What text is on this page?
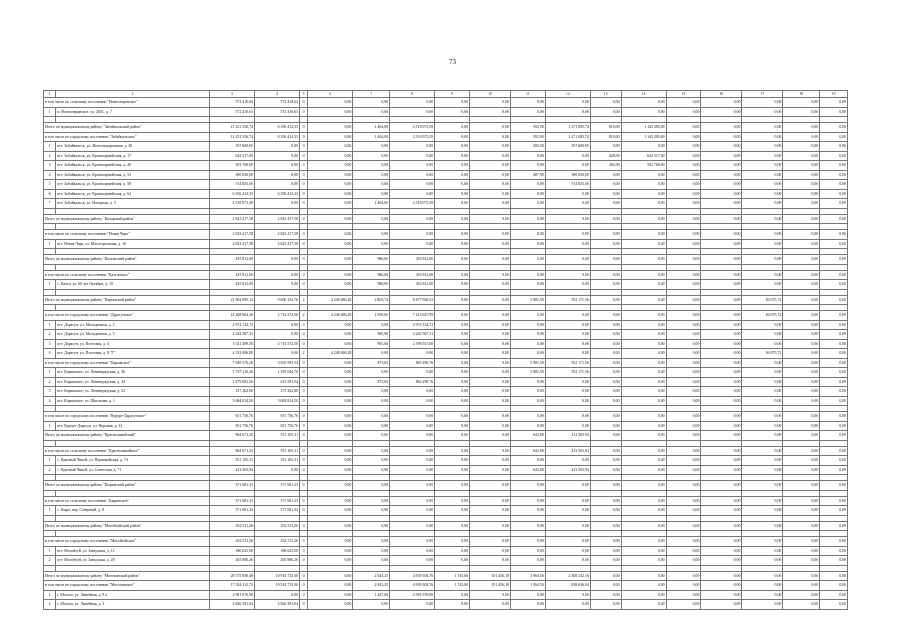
73
1	2	3	4	5	6	7	8	9	10	11	12	13	14	15	16	17	18	19
в том числе по сельскому поселению "Новоолерянское"		572 410,63	572 410,63	0	0,00	0,00	0,00	0,00	0,00	0,00	0,00	0,00	0,00	0,00	0,00	0,00	0,00	0,00
1	п. Новоолерянское, ул. ДОС, д. 7	572 410,63	572 410,63	0	0,00	0,00	0,00	0,00	0,00	0,00	0,00	0,00	0,00	0,00	0,00	0,00	0,00	0,00

Итого по муниципальному району "Забайкальский район"		11 251 356,74	6 356 414,33	9	0,00	1 464,00	2 518 973,58	0,00	0,00	592,90	1 271 085,74	810,00	1 145 285,00	0,00	0,00	0,00	0,00	0,00
в том числе по городскому поселению "Забайкальское"		11 251 356,74	6 356 414,33	9	0,00	1 464,00	2 518 973,58	0,00	0,00	592,90	1 271 085,74	810,00	1 145 285,00	0,00	0,00	0,00	0,00	0,00
1	пгт. Забайкальск, ул. Железнодорожная, д. 40	357 600,65	0,00	0	0,00	0,00	0,00	0,00	0,00	305,00	357 600,65	0,00	0,00	0,00	0,00	0,00	0,00	0,00
2	пгт. Забайкальск, ул. Красноармейская, д. 17	642 517,00	0,00	0	0,00	0,00	0,00	0,00	0,00	0,00	0,00	428,00	642 517,00	0,00	0,00	0,00	0,00	0,00
3	пгт. Забайкальск, ул. Красноармейская, д. 49	502 768,00	0,00	0	0,00	0,00	0,00	0,00	0,00	0,00	0,00	382,00	502 768,00	0,00	0,00	0,00	0,00	0,00
4	пгт. Забайкальск, ул. Красноармейская, д. 53	398 830,09	0,00	0	0,00	0,00	0,00	0,00	0,00	287,90	398 830,09	0,00	0,00	0,00	0,00	0,00	0,00	0,00
5	пгт. Забайкальск, ул. Красноармейская, д. 58	514 655,00	0,00	0	0,00	0,00	0,00	0,00	0,00	0,00	514 655,00	0,00	0,00	0,00	0,00	0,00	0,00	0,00
6	пгт. Забайкальск, ул. Красноармейская, д. 62	6 356 414,33	6 356 414,33	9	0,00	0,00	0,00	0,00	0,00	0,00	0,00	0,00	0,00	0,00	0,00	0,00	0,00	0,00
7	пгт. Забайкальск, ул. Нагорная, д. 5	2 518 973,58	0,00	0	0,00	1 464,00	2 518 973,58	0,00	0,00	0,00	0,00	0,00	0,00	0,00	0,00	0,00	0,00	0,00

Итого по муниципальному району "Каларский район"		2 823 417,58	2 823 417,58	0	0,00	0,00	0,00	0,00	0,00	0,00	0,00	0,00	0,00	0,00	0,00	0,00	0,00	0,00

в том числе по сельскому поселению "Новая Чара"		2 823 417,58	2 823 417,58	0	0,00	0,00	0,00	0,00	0,00	0,00	0,00	0,00	0,00	0,00	0,00	0,00	0,00	0,00
1	пгт. Новая Чара, ул. Магистральная, д. 16	2 823 417,58	2 823 417,58	0	0,00	0,00	0,00	0,00	0,00	0,00	0,00	0,00	0,00	0,00	0,00	0,00	0,00	0,00

Итого по муниципальному району "Калганский район"		435 812,00	0,00	0	0,00	986,00	435 812,00	0,00	0,00	0,00	0,00	0,00	0,00	0,00	0,00	0,00	0,00	0,00

в том числе по сельскому поселению "Калганское"		435 812,00	0,00	0	0,00	986,00	435 812,00	0,00	0,00	0,00	0,00	0,00	0,00	0,00	0,00	0,00	0,00	0,00
1	с. Калга, ул. 60 лет Октября, д. 10	435 812,00	0,00	0	0,00	986,00	435 812,00	0,00	0,00	0,00	0,00	0,00	0,00	0,00	0,00	0,00	0,00	0,00

Итого по муниципальному району "Карымский район"		21 962 995,12	9 600 132,76	2	4 248 686,28	2 803,74	8 677 928,52	0,00	0,00	5 981,50	552 171,56	0,00	0,00	0,00	0,00	84 075,72	0,00	0,00

в том числе по городскому поселению "Дарасунское"		14 268 864,36	2 714 572,50	2	4 248 686,28	1 930,00	7 213 627,99	0,00	0,00	0,00	0,00	0,00	0,00	0,00	0,00	84 075,72	0,00	0,00
1	пгт. Дарасун, ул. Молодежная, д. 2	2 974 134,72	0,00	0	0,00	0,00	2 974 134,72	0,00	0,00	0,00	0,00	0,00	0,00	0,00	0,00	0,00	0,00	0,00
2	пгт. Дарасун, ул. Молодежная, д. 5	2 242 567,31	0,00	0	0,00	965,00	2 242 567,31	0,00	0,00	0,00	0,00	0,00	0,00	0,00	0,00	0,00	0,00	0,00
3	пгт. Дарасун, ул. Почтовая, д. 4	5 311 499,50	2 714 572,50	0	0,00	965,00	2 596 927,00	0,00	0,00	0,00	0,00	0,00	0,00	0,00	0,00	0,00	0,00	0,00
4	пгт. Дарасун, ул. Почтовая, д. 8 "Г"	4 332 686,00	0,00	2	4 248 686,28	0,00	0,00	0,00	0,00	0,00	0,00	0,00	0,00	0,00	0,00	84 075,72	0,00	0,00
в том числе по городскому поселению "Карымское"		7 049 376,26	3 635 993,54	0	0,00	873,65	863 490,76	0,00	0,00	5 981,50	552 171,56	0,00	0,00	0,00	0,00	0,00	0,00	0,00
1	пгт. Карымское, ул. Ленинградская, д. 36	1 737 216,26	1 185 044,70	0	0,00	0,00	0,00	0,00	0,00	5 981,50	552 171,56	0,00	0,00	0,00	0,00	0,00	0,00	0,00
2	пгт. Карымское, ул. Ленинградская, д. 44	1 479 082,56	615 591,54	0	0,00	873,65	863 490,76	0,00	0,00	0,00	0,00	0,00	0,00	0,00	0,00	0,00	0,00	0,00
3	пгт. Карымское, ул. Ленинградская, д. 52	157 262,80	157 262,80	0	0,00	0,00	0,00	0,00	0,00	0,00	0,00	0,00	0,00	0,00	0,00	0,00	0,00	0,00
4	пгт. Карымское, ул. Школьная, д. 1	3 684 814,50	3 684 814,50	0	0,00	0,00	0,00	0,00	0,00	0,00	0,00	0,00	0,00	0,00	0,00	0,00	0,00	0,00

в том числе по городскому поселению "Курорт-Дарасунское"		651 756,76	651 756,76	0	0,00	0,00	0,00	0,00	0,00	0,00	0,00	0,00	0,00	0,00	0,00	0,00	0,00	0,00
1	пгт. Курорт-Дарасун, ул. Верхняя, д. 12	651 756,76	651 756,76	0	0,00	0,00	0,00	0,00	0,00	0,00	0,00	0,00	0,00	0,00	0,00	0,00	0,00	0,00
Итого по муниципальному району "Красночикойский"		964 671,25	551 105,31	0	0,00	0,00	0,00	0,00	0,00	643,80	413 565,94	0,00	0,00	0,00	0,00	0,00	0,00	0,00

в том числе по сельскому поселению "Красночикойское"		964 671,25	551 105,31	0	0,00	0,00	0,00	0,00	0,00	643,80	413 565,94	0,00	0,00	0,00	0,00	0,00	0,00	0,00
1	с. Красный Чикой, ул. Первомайская, д. 74	551 105,31	551 105,31	0	0,00	0,00	0,00	0,00	0,00	0,00	0,00	0,00	0,00	0,00	0,00	0,00	0,00	0,00
2	с. Красный Чикой, ул. Советская, д. 71	413 565,94	0,00	0	0,00	0,00	0,00	0,00	0,00	643,80	413 565,94	0,00	0,00	0,00	0,00	0,00	0,00	0,00

Итого по муниципальному району "Кыринский район"		371 681,33	371 681,33	0	0,00	0,00	0,00	0,00	0,00	0,00	0,00	0,00	0,00	0,00	0,00	0,00	0,00	0,00

в том числе по сельскому поселению "Кыринское"		371 681,33	371 681,33	0	0,00	0,00	0,00	0,00	0,00	0,00	0,00	0,00	0,00	0,00	0,00	0,00	0,00	0,00
1	с. Кыра, пер. Северный, д. 8	371 681,33	371 681,33	0	0,00	0,00	0,00	0,00	0,00	0,00	0,00	0,00	0,00	0,00	0,00	0,00	0,00	0,00

Итого по муниципальному району "Могойтуйский район"		452 511,26	452 511,26	0	0,00	0,00	0,00	0,00	0,00	0,00	0,00	0,00	0,00	0,00	0,00	0,00	0,00	0,00

в том числе по городскому поселению "Могойтуйское"		452 511,26	452 511,26	0	0,00	0,00	0,00	0,00	0,00	0,00	0,00	0,00	0,00	0,00	0,00	0,00	0,00	0,00
1	пгт. Могойтуй, ул. Заводская, д. 12	186 625,00	186 625,00	0	0,00	0,00	0,00	0,00	0,00	0,00	0,00	0,00	0,00	0,00	0,00	0,00	0,00	0,00
2	пгт. Могойтуй, ул. Заводская, д. 28	265 886,26	265 886,26	0	0,00	0,00	0,00	0,00	0,00	0,00	0,00	0,00	0,00	0,00	0,00	0,00	0,00	0,00

Итого по муниципальному району "Могочинский район"		28 575 838,48	10 914 733,30	0	0,00	2 943,25	4 939 304,76	1 743,00	351 456,18	3 964,56	2 308 242,16	0,00	0,00	0,00	0,00	0,00	0,00	0,00
в том числе по городскому поселению "Могочинское"		17 024 112,72	10 914 733,30	0	0,00	2 943,25	4 939 304,76	1 743,00	351 456,18	1 564,50	838 636,04	0,00	0,00	0,00	0,00	0,00	0,00	0,00
1	г. Могоча, ул. Линейная, д. 8 а	2 981 876,90	0,00	0	0,00	1 447,00	2 981 876,90	0,00	0,00	0,00	0,00	0,00	0,00	0,00	0,00	0,00	0,00	0,00
2	г. Могоча, ул. Линейная, д. 3	2 826 391,04	2 826 391,04	0	0,00	0,00	0,00	0,00	0,00	0,00	0,00	0,00	0,00	0,00	0,00	0,00	0,00	0,00
